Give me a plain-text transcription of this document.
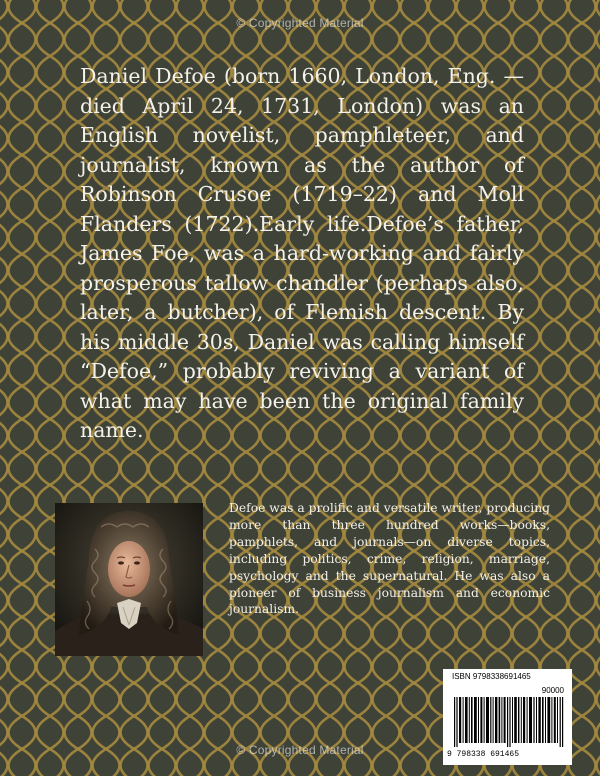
© Copyrighted Material

Daniel Defoe (born 1660, London, Eng. —died April 24, 1731, London) was an English novelist, pamphleteer, and journalist, known as the author of Robinson Crusoe (1719–22) and Moll Flanders (1722).Early life.Defoe’s father, James Foe, was a hard-working and fairly prosperous tallow chandler (perhaps also, later, a butcher), of Flemish descent. By his middle 30s, Daniel was calling himself “Defoe,” probably reviving a variant of what may have been the original family name.

Defoe was a prolific and versatile writer, producing more than three hundred works—books, pamphlets, and journals—on diverse topics, including politics, crime, religion, marriage, psychology and the supernatural. He was also a pioneer of business journalism and economic journalism.

ISBN 9798338691465
90000
9 798338 691465
© Copyrighted Material
